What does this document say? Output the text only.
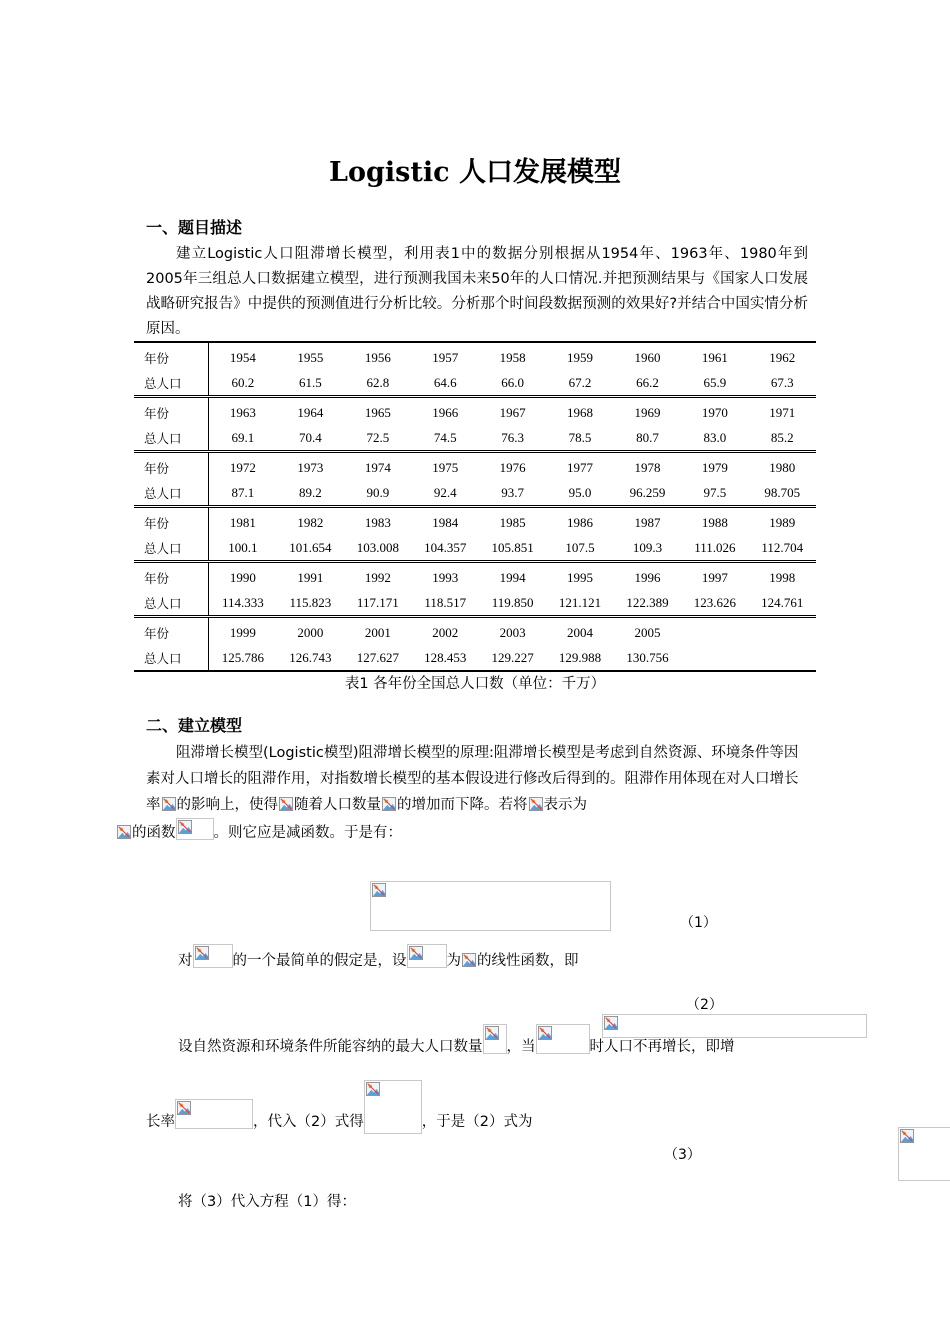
Logistic 人口发展模型
一、题目描述
建立Logistic人口阻滞增长模型，利用表1中的数据分别根据从1954年、1963年、1980年到2005年三组总人口数据建立模型，进行预测我国未来50年的人口情况.并把预测结果与《国家人口发展战略研究报告》中提供的预测值进行分析比较。分析那个时间段数据预测的效果好?并结合中国实情分析原因。
年份	1954	1955	1956	1957	1958	1959	1960	1961	1962
总人口	60.2	61.5	62.8	64.6	66.0	67.2	66.2	65.9	67.3
年份	1963	1964	1965	1966	1967	1968	1969	1970	1971
总人口	69.1	70.4	72.5	74.5	76.3	78.5	80.7	83.0	85.2
年份	1972	1973	1974	1975	1976	1977	1978	1979	1980
总人口	87.1	89.2	90.9	92.4	93.7	95.0	96.259	97.5	98.705
年份	1981	1982	1983	1984	1985	1986	1987	1988	1989
总人口	100.1	101.654	103.008	104.357	105.851	107.5	109.3	111.026	112.704
年份	1990	1991	1992	1993	1994	1995	1996	1997	1998
总人口	114.333	115.823	117.171	118.517	119.850	121.121	122.389	123.626	124.761
年份	1999	2000	2001	2002	2003	2004	2005		
总人口	125.786	126.743	127.627	128.453	129.227	129.988	130.756		
表1 各年份全国总人口数（单位：千万）
二、建立模型
阻滞增长模型(Logistic模型)阻滞增长模型的原理:阻滞增长模型是考虑到自然资源、环境条件等因素对人口增长的阻滞作用，对指数增长模型的基本假设进行修改后得到的。阻滞作用体现在对人口增长率 的影响上，使得 随着人口数量 的增加而下降。若将 表示为

的函数	。则它应是减函数。于是有：

（1）
对	的一个最简单的假定是，设	为 的线性函数，即

（2）
设自然资源和环境条件所能容纳的最大人口数量 ，当	时人口不再增长，即增
长率	，代入（2）式得	，于是（2）式为
（3）
将（3）代入方程（1）得：
